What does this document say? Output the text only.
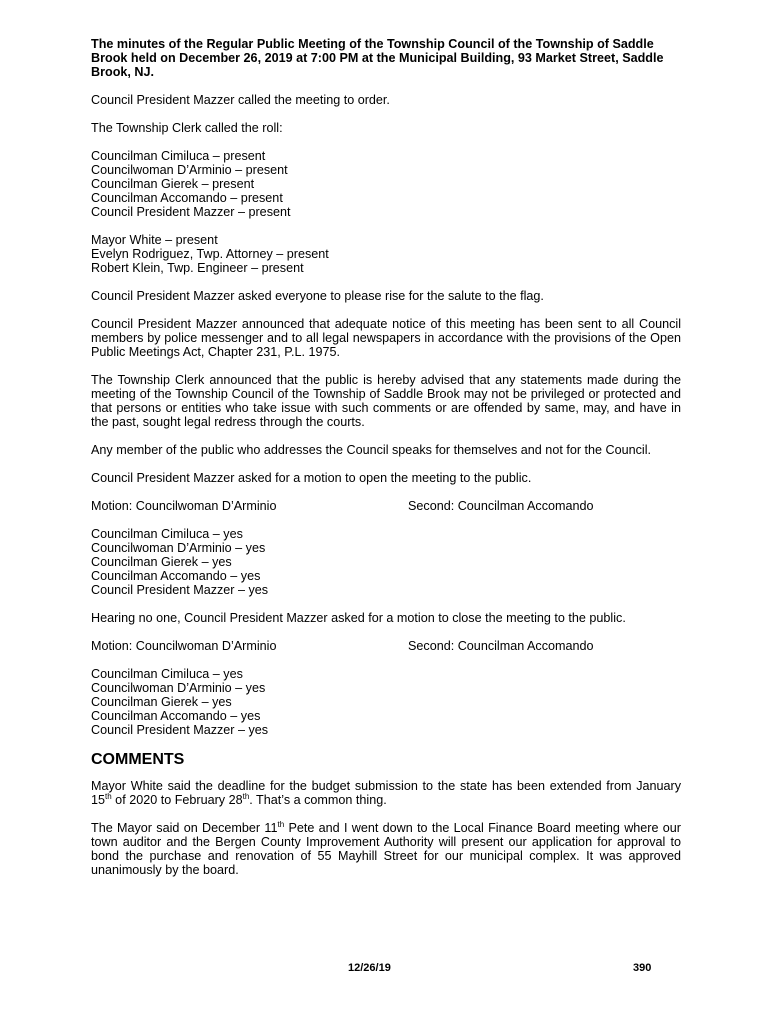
The minutes of the Regular Public Meeting of the Township Council of the Township of Saddle Brook held on December 26, 2019 at 7:00 PM at the Municipal Building, 93 Market Street, Saddle Brook, NJ.

Council President Mazzer called the meeting to order.

The Township Clerk called the roll:

Councilman Cimiluca – present
Councilwoman D’Arminio – present
Councilman Gierek – present
Councilman Accomando – present
Council President Mazzer – present
Mayor White – present
Evelyn Rodriguez, Twp. Attorney – present
Robert Klein, Twp. Engineer – present

Council President Mazzer asked everyone to please rise for the salute to the flag.

Council President Mazzer announced that adequate notice of this meeting has been sent to all Council members by police messenger and to all legal newspapers in accordance with the provisions of the Open Public Meetings Act, Chapter 231, P.L. 1975.

The Township Clerk announced that the public is hereby advised that any statements made during the meeting of the Township Council of the Township of Saddle Brook may not be privileged or protected and that persons or entities who take issue with such comments or are offended by same, may, and have in the past, sought legal redress through the courts.

Any member of the public who addresses the Council speaks for themselves and not for the Council.

Council President Mazzer asked for a motion to open the meeting to the public.

Motion: Councilwoman D’Arminio	Second: Councilman Accomando
Councilman Cimiluca – yes
Councilwoman D’Arminio – yes
Councilman Gierek – yes
Councilman Accomando – yes
Council President Mazzer – yes

Hearing no one, Council President Mazzer asked for a motion to close the meeting to the public.

Motion: Councilwoman D’Arminio	Second: Councilman Accomando
Councilman Cimiluca – yes
Councilwoman D’Arminio – yes
Councilman Gierek – yes
Councilman Accomando – yes
Council President Mazzer – yes
COMMENTS

Mayor White said the deadline for the budget submission to the state has been extended from January 15th of 2020 to February 28th. That’s a common thing.

The Mayor said on December 11th Pete and I went down to the Local Finance Board meeting where our town auditor and the Bergen County Improvement Authority will present our application for approval to bond the purchase and renovation of 55 Mayhill Street for our municipal complex. It was approved unanimously by the board.

12/26/19	390
